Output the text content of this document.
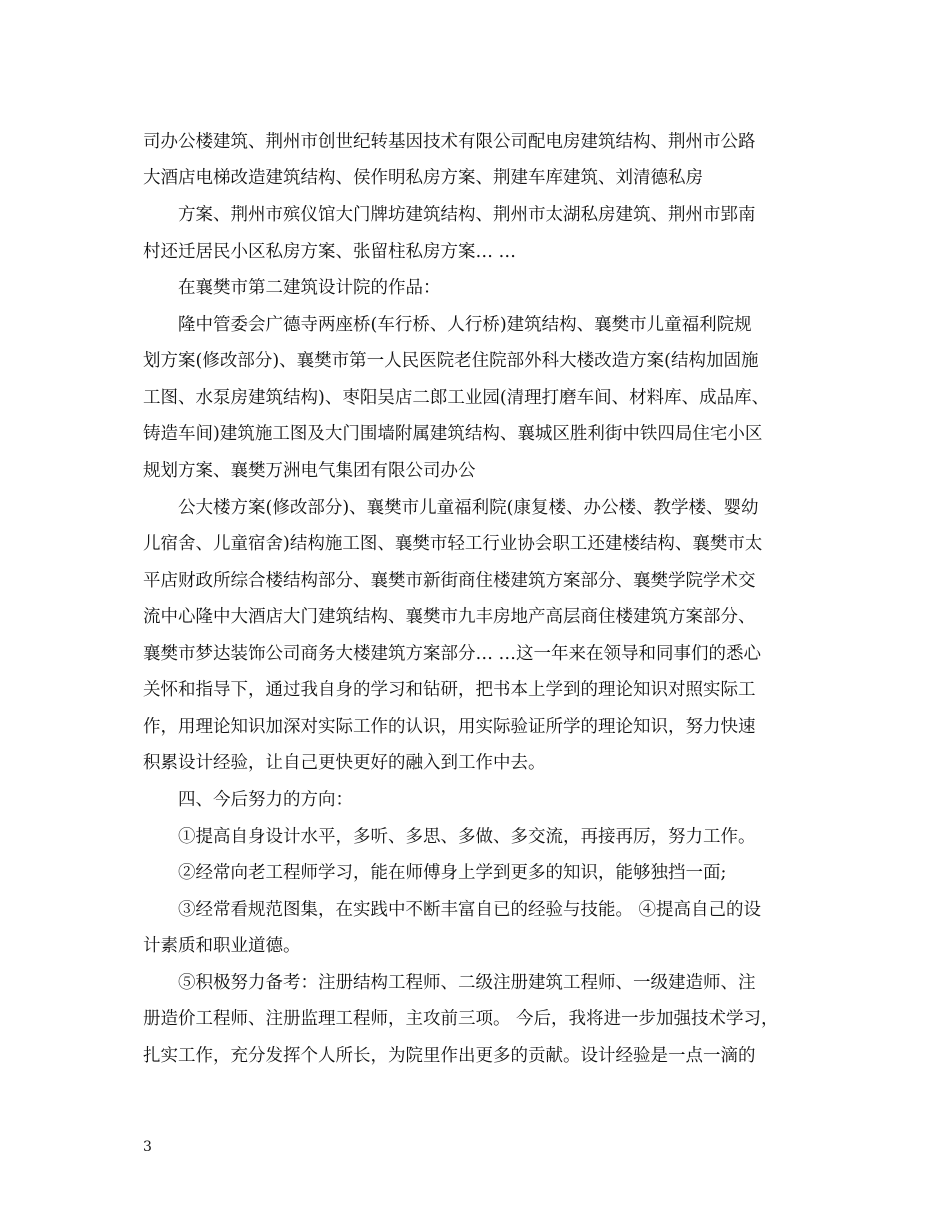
司办公楼建筑、荆州市创世纪转基因技术有限公司配电房建筑结构、荆州市公路
大酒店电梯改造建筑结构、侯作明私房方案、荆建车库建筑、刘清德私房
方案、荆州市殡仪馆大门牌坊建筑结构、荆州市太湖私房建筑、荆州市郢南
村还迁居民小区私房方案、张留柱私房方案… …
在襄樊市第二建筑设计院的作品：
隆中管委会广德寺两座桥(车行桥、人行桥)建筑结构、襄樊市儿童福利院规
划方案(修改部分)、襄樊市第一人民医院老住院部外科大楼改造方案(结构加固施
工图、水泵房建筑结构)、枣阳吴店二郎工业园(清理打磨车间、材料库、成品库、
铸造车间)建筑施工图及大门围墙附属建筑结构、襄城区胜利街中铁四局住宅小区
规划方案、襄樊万洲电气集团有限公司办公
公大楼方案(修改部分)、襄樊市儿童福利院(康复楼、办公楼、教学楼、婴幼
儿宿舍、儿童宿舍)结构施工图、襄樊市轻工行业协会职工还建楼结构、襄樊市太
平店财政所综合楼结构部分、襄樊市新街商住楼建筑方案部分、襄樊学院学术交
流中心隆中大酒店大门建筑结构、襄樊市九丰房地产高层商住楼建筑方案部分、
襄樊市梦达装饰公司商务大楼建筑方案部分… …这一年来在领导和同事们的悉心
关怀和指导下，通过我自身的学习和钻研，把书本上学到的理论知识对照实际工
作，用理论知识加深对实际工作的认识，用实际验证所学的理论知识，努力快速
积累设计经验，让自己更快更好的融入到工作中去。
四、今后努力的方向：
①提高自身设计水平，多听、多思、多做、多交流，再接再厉，努力工作。
②经常向老工程师学习，能在师傅身上学到更多的知识，能够独挡一面;
③经常看规范图集，在实践中不断丰富自已的经验与技能。 ④提高自己的设
计素质和职业道德。
⑤积极努力备考：注册结构工程师、二级注册建筑工程师、一级建造师、注
册造价工程师、注册监理工程师，主攻前三项。 今后，我将进一步加强技术学习，
扎实工作，充分发挥个人所长，为院里作出更多的贡献。设计经验是一点一滴的
3
